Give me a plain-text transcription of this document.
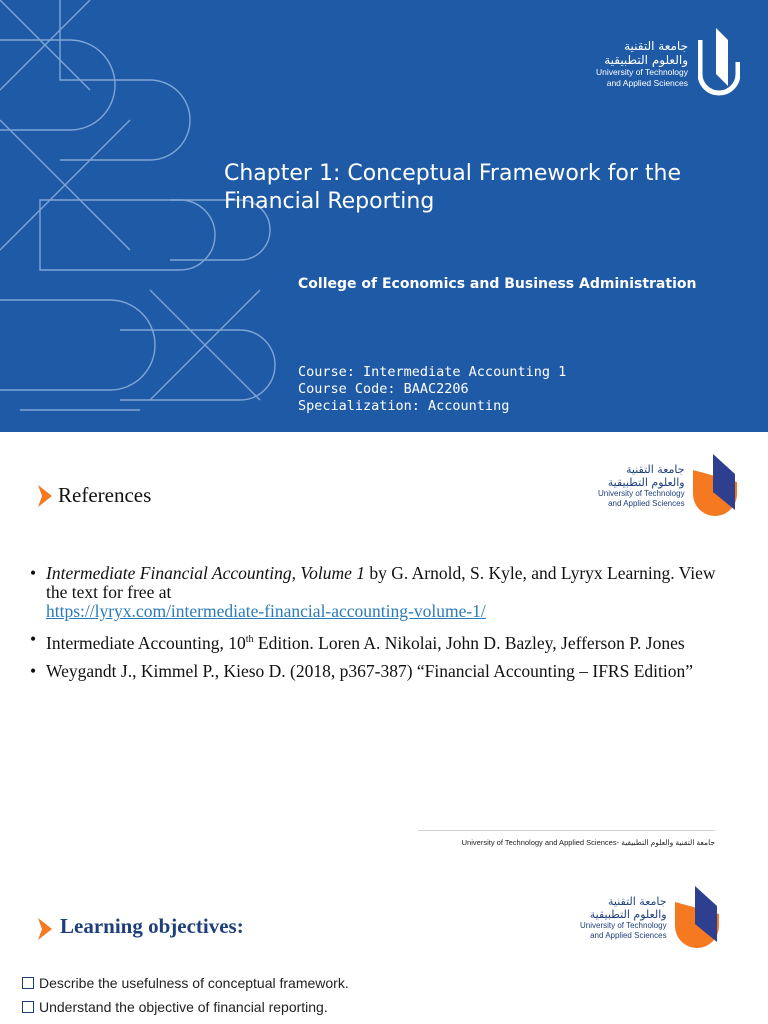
جامعة التقنية
والعلوم التطبيقية
University of Technology
and Applied Sciences
Chapter 1: Conceptual Framework for the Financial Reporting
College of Economics and Business Administration
Course: Intermediate Accounting 1
Course Code: BAAC2206
Specialization: Accounting
References
جامعة التقنية
والعلوم التطبيقية
University of Technology
and Applied Sciences
• Intermediate Financial Accounting, Volume 1 by G. Arnold, S. Kyle, and Lyryx Learning. View the text for free at
https://lyryx.com/intermediate-financial-accounting-volume-1/
• Intermediate Accounting, 10th Edition. Loren A. Nikolai, John D. Bazley, Jefferson P. Jones
• Weygandt J., Kimmel P., Kieso D. (2018, p367-387) “Financial Accounting – IFRS Edition”
University of Technology and Applied Sciences- جامعة التقنية والعلوم التطبيقية
Learning objectives:
جامعة التقنية
والعلوم التطبيقية
University of Technology
and Applied Sciences
Describe the usefulness of conceptual framework.
Understand the objective of financial reporting.
